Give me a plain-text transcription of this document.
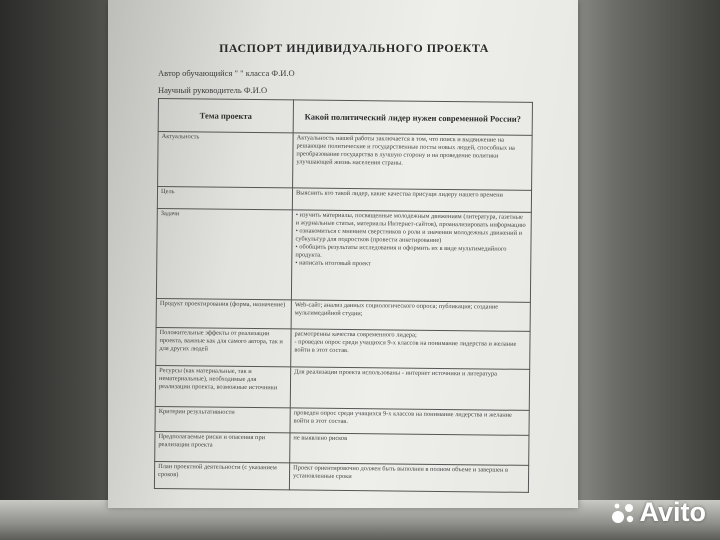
ПАСПОРТ ИНДИВИДУАЛЬНОГО ПРОЕКТА
Автор обучающийся " " класса Ф.И.О
Научный руководитель Ф.И.О
Тема проекта	Какой политический лидер нужен современной России?
Актуальность	Актуальность нашей работы заключается в том, что поиск и выдвижение на решающие политические и государственные посты новых людей, способных на преобразование государства в лучшую сторону и на проведение политики улучшающей жизнь населения страны.
Цель	Выяснить кто такой лидер, какие качества присущи лидеру нашего времени
Задачи	• изучить материалы, посвященные молодежным движениям (литература, газетные и журнальные статьи, материалы Интернет-сайтов), проанализировать информацию
• ознакомиться с мнением сверстников о роли и значении молодежных движений и субкультур для подростков (провести анкетирование)
• обобщить результаты исследования и оформить их в виде мультимедийного продукта.
• написать итоговый проект

Продукт проектирования (форма, назначение)	Web-сайт; анализ данных социологического опроса; публикация; создание мультимедийной студии;
Положительные эффекты от реализации проекта, важные как для самого автора, так и для других людей	расмотренны качества современного лидера;
- проведен опрос среди учащихся 9-х классов на понимание лидерства и желание войти в этот состав.

Ресурсы (как материальные, так и нематериальные), необходимые для реализации проекта, возможные источники	Для реализации проекта использованы - интернет источники и литература
Критерии результативности	проведен опрос среди учащихся 9-х классов на понимание лидерства и желание войти в этот состав.
Предполагаемые риски и опасения при реализации проекта	не выявлено рисков
План проектной деятельности (с указанием сроков)	Проект ориентировочно должен быть выполнен в полном объеме и завершен в установленные сроки
Avito
